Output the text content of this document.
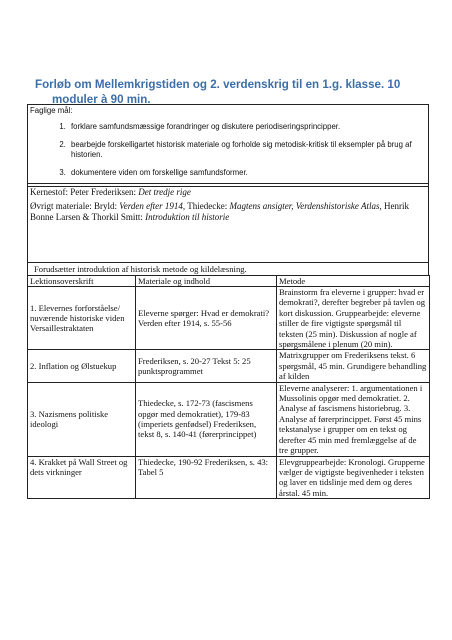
Forløb om Mellemkrigstiden og 2. verdenskrig til en 1.g. klasse. 10
moduler à 90 min.
Faglige mål:
1. forklare samfundsmæssige forandringer og diskutere periodiseringsprincipper.
2. bearbejde forskelligartet historisk materiale og forholde sig metodisk-kritisk til eksempler på brug af historien.
3. dokumentere viden om forskellige samfundsformer.

Kernestof: Peter Frederiksen: Det tredje rige

Øvrigt materiale: Bryld: Verden efter 1914, Thiedecke: Magtens ansigter, Verdenshistoriske Atlas, Henrik Bonne Larsen & Thorkil Smitt: Introduktion til historie

Forudsætter introduktion af historisk metode og kildelæsning.
Lektionsoverskrift	Materiale og indhold	Metode
1. Elevernes forforståelse/ nuværende historiske viden Versaillestraktaten	Eleverne spørger: Hvad er demokrati? Verden efter 1914, s. 55-56	Brainstorm fra eleverne i grupper: hvad er demokrati?, derefter begreber på tavlen og kort diskussion. Gruppearbejde: eleverne stiller de fire vigtigste spørgsmål til teksten (25 min). Diskussion af nogle af spørgsmålene i plenum (20 min).
2. Inflation og Ølstuekup	Frederiksen, s. 20-27 Tekst 5: 25 punktsprogrammet	Matrixgrupper om Frederiksens tekst. 6 spørgsmål, 45 min. Grundigere behandling af kilden
3. Nazismens politiske ideologi	Thiedecke, s. 172-73 (fascismens opgør med demokratiet), 179-83 (imperiets genfødsel) Frederiksen, tekst 8, s. 140-41 (førerprincippet)	Eleverne analyserer: 1. argumentationen i Mussolinis opgør med demokratiet. 2. Analyse af fascismens historiebrug. 3. Analyse af førerprincippet. Først 45 mins tekstanalyse i grupper om en tekst og derefter 45 min med fremlæggelse af de tre grupper.
4. Krakket på Wall Street og dets virkninger	Thiedecke, 190-92 Frederiksen, s. 43: Tabel 5	Elevgruppearbejde: Kronologi. Grupperne vælger de vigtigste begivenheder i teksten og laver en tidslinje med dem og deres årstal. 45 min.
